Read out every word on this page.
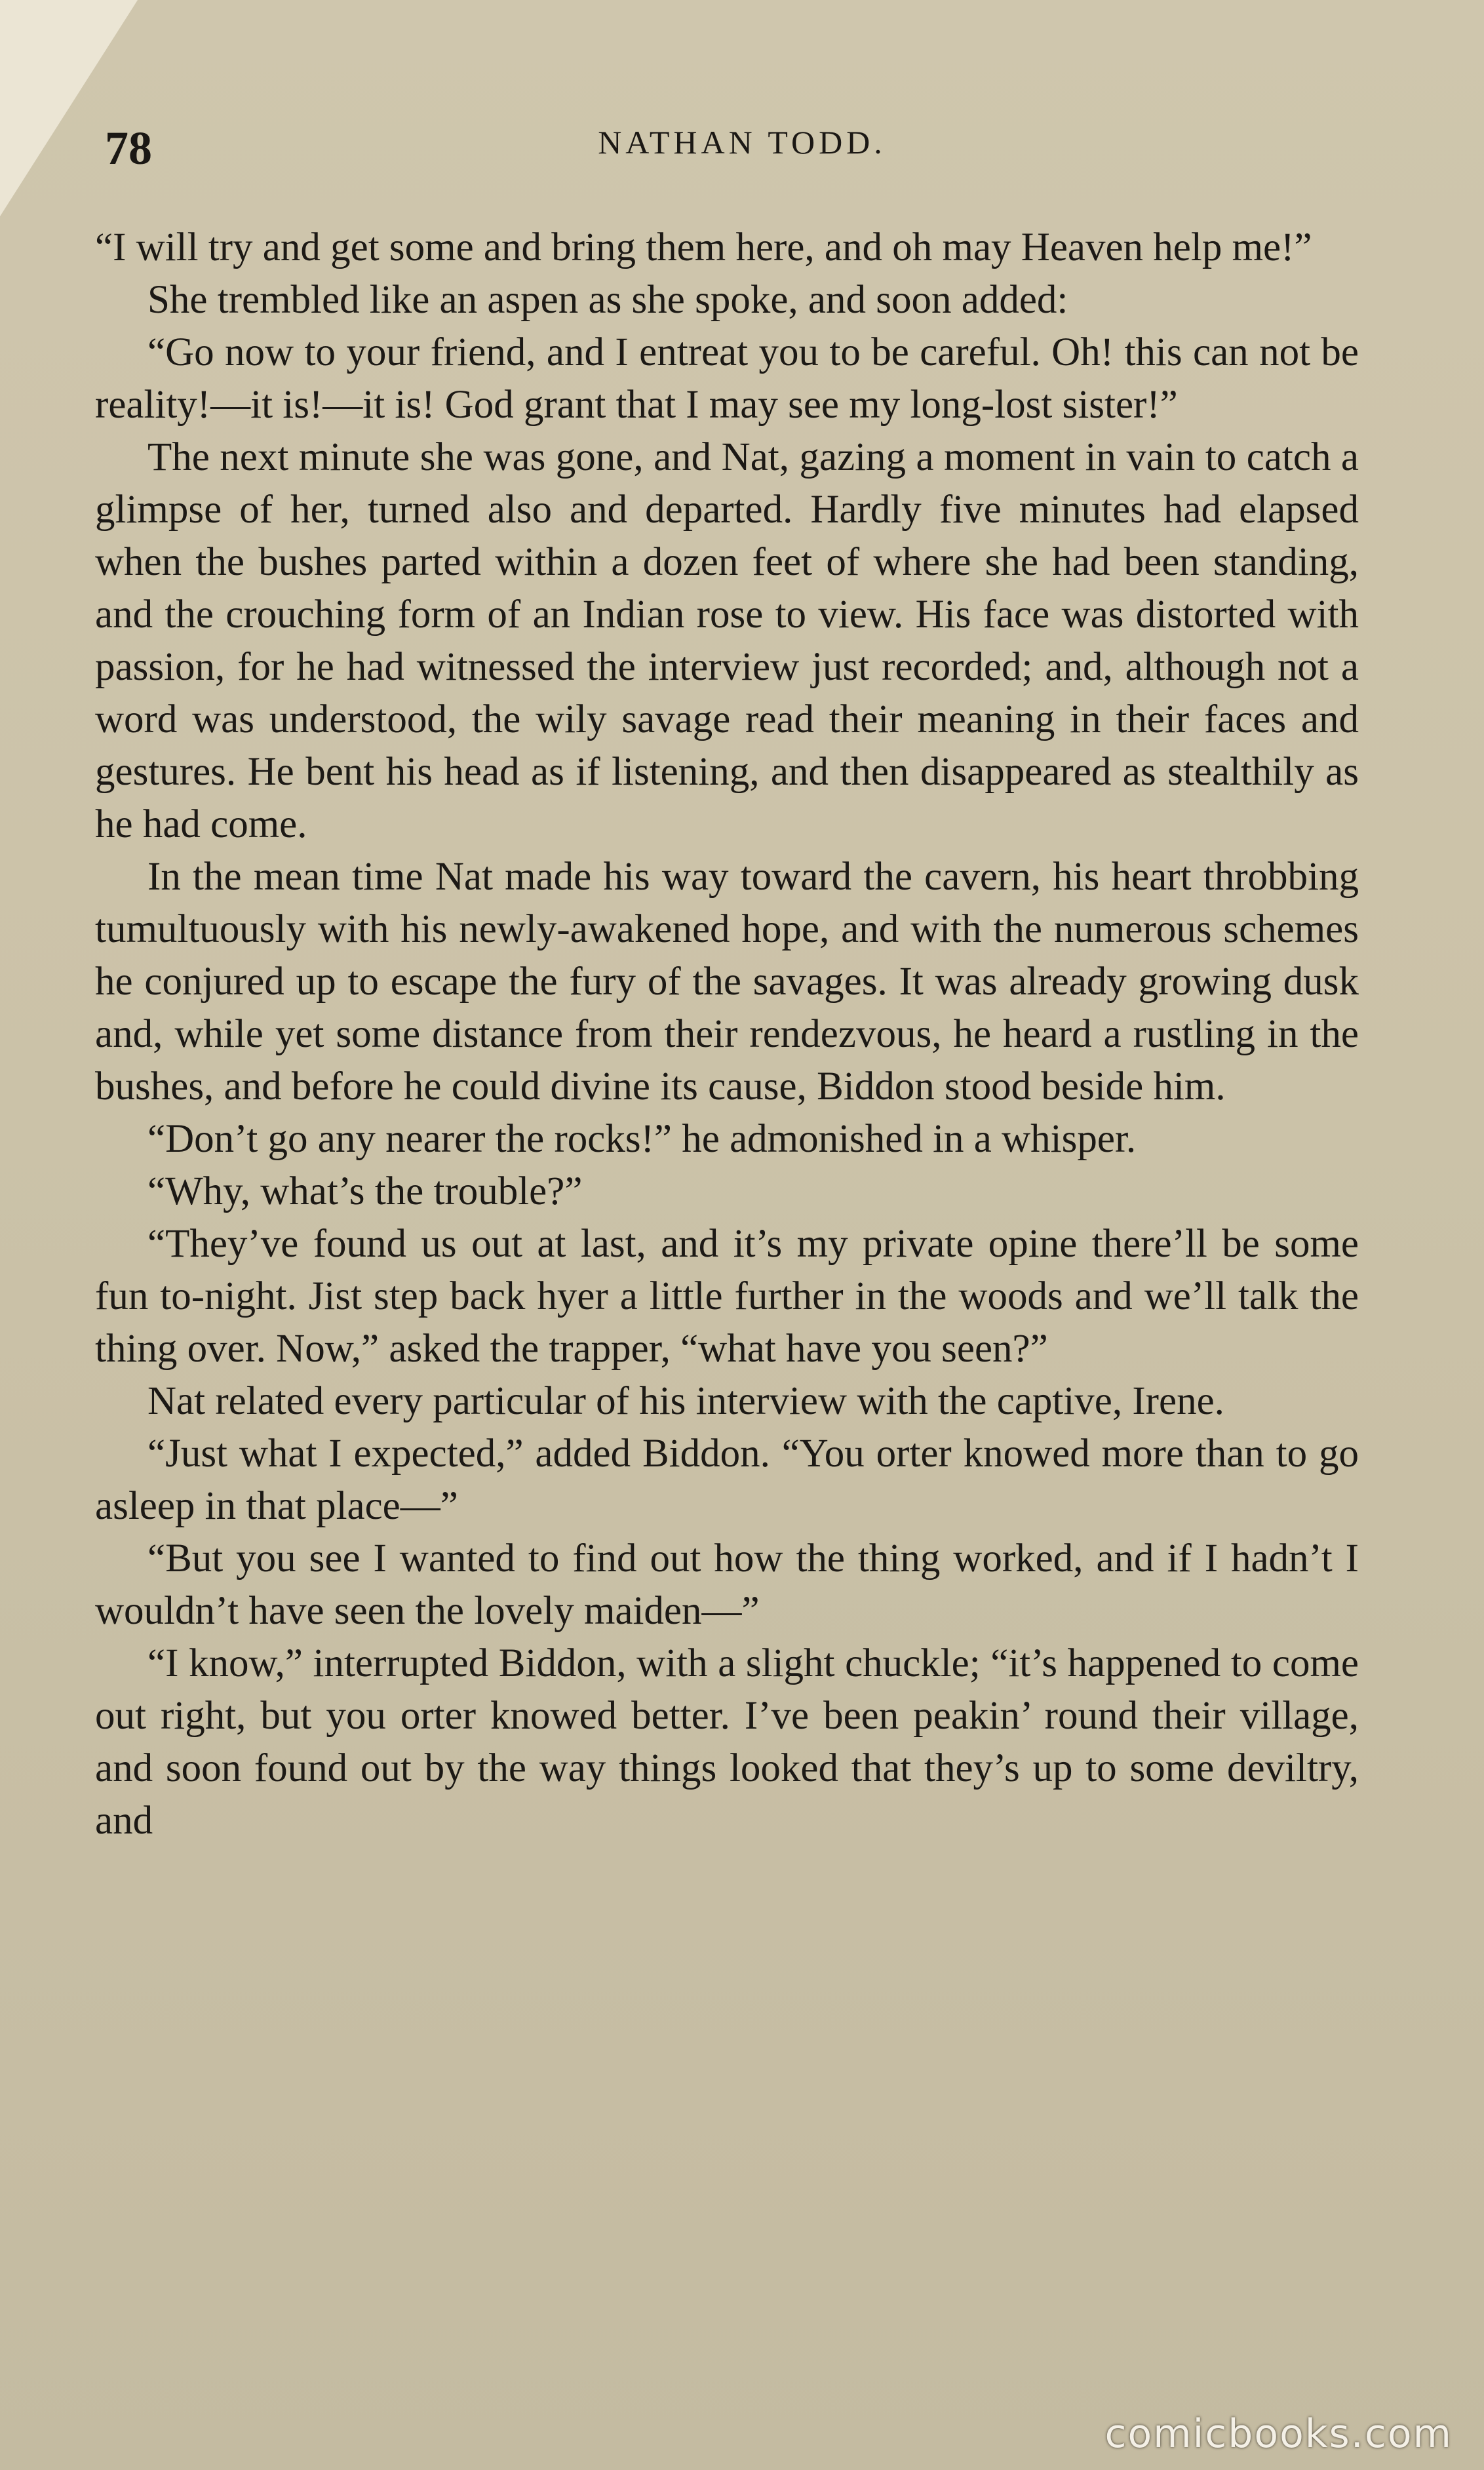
78	NATHAN TODD.

“I will try and get some and bring them here, and oh may Heaven help me!”

She trembled like an aspen as she spoke, and soon added:

“Go now to your friend, and I entreat you to be careful. Oh! this can not be reality!—it is!—it is! God grant that I may see my long-lost sister!”

The next minute she was gone, and Nat, gazing a moment in vain to catch a glimpse of her, turned also and departed. Hardly five minutes had elapsed when the bushes parted within a dozen feet of where she had been standing, and the crouching form of an Indian rose to view. His face was distorted with passion, for he had witnessed the interview just recorded; and, although not a word was understood, the wily savage read their meaning in their faces and gestures. He bent his head as if listening, and then disappeared as stealthily as he had come.

In the mean time Nat made his way toward the cavern, his heart throbbing tumultuously with his newly-awakened hope, and with the numerous schemes he conjured up to escape the fury of the savages. It was already growing dusk and, while yet some distance from their rendezvous, he heard a rustling in the bushes, and before he could divine its cause, Biddon stood beside him.

“Don’t go any nearer the rocks!” he admonished in a whisper.

“Why, what’s the trouble?”

“They’ve found us out at last, and it’s my private opine there’ll be some fun to-night. Jist step back hyer a little further in the woods and we’ll talk the thing over. Now,” asked the trapper, “what have you seen?”

Nat related every particular of his interview with the captive, Irene.

“Just what I expected,” added Biddon. “You orter knowed more than to go asleep in that place—”

“But you see I wanted to find out how the thing worked, and if I hadn’t I wouldn’t have seen the lovely maiden—”

“I know,” interrupted Biddon, with a slight chuckle; “it’s happened to come out right, but you orter knowed better. I’ve been peakin’ round their village, and soon found out by the way things looked that they’s up to some deviltry, and

comicbooks.com
